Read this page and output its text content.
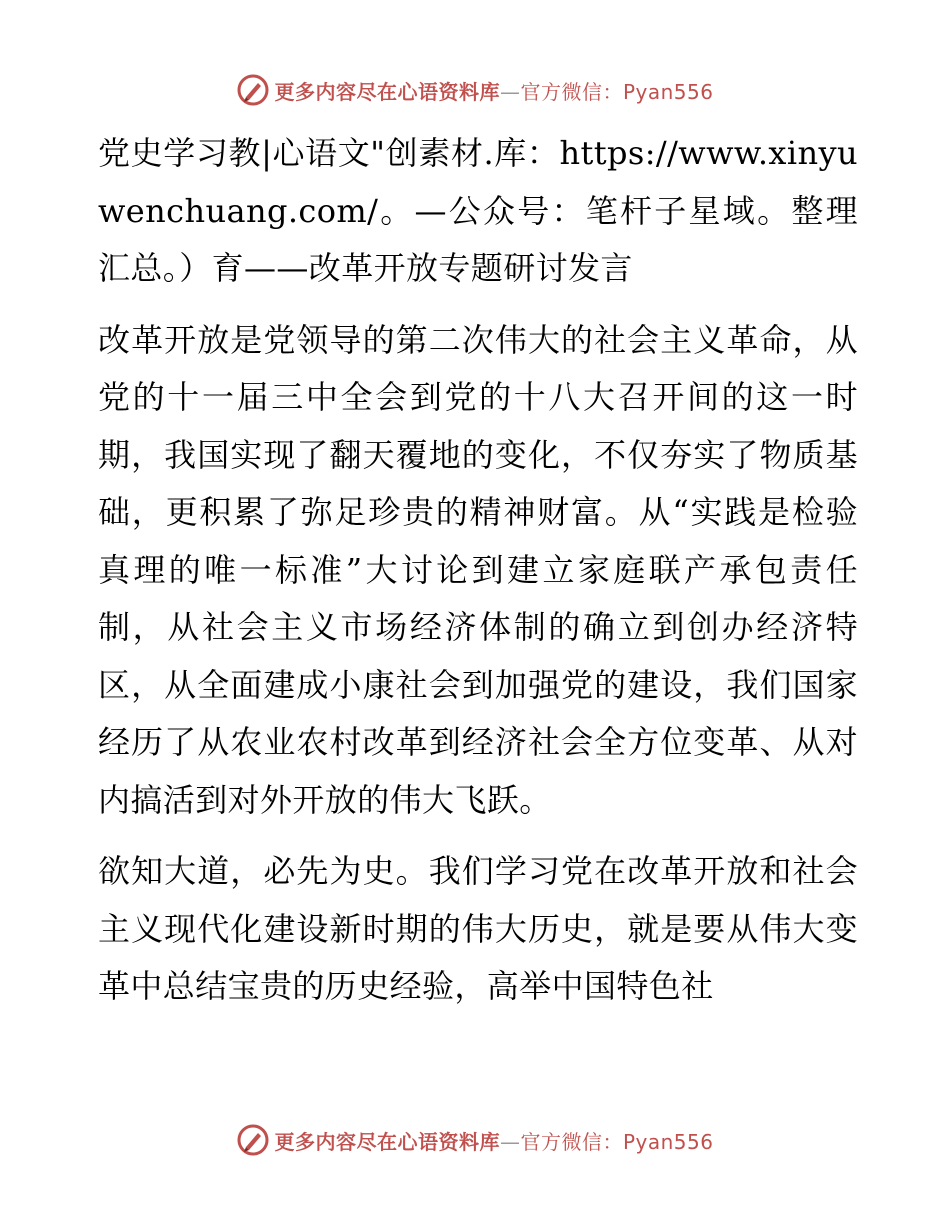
更多内容尽在心语资料库—官方微信：Pyan556

党史学习教|心语文"创素材.库：https://www.xinyuwenchuang.com/。—公众号：笔杆子星域。整理汇总。）育——改革开放专题研讨发言

改革开放是党领导的第二次伟大的社会主义革命，从党的十一届三中全会到党的十八大召开间的这一时期，我国实现了翻天覆地的变化，不仅夯实了物质基础，更积累了弥足珍贵的精神财富。从“实践是检验真理的唯一标准”大讨论到建立家庭联产承包责任制，从社会主义市场经济体制的确立到创办经济特区，从全面建成小康社会到加强党的建设，我们国家经历了从农业农村改革到经济社会全方位变革、从对内搞活到对外开放的伟大飞跃。

欲知大道，必先为史。我们学习党在改革开放和社会主义现代化建设新时期的伟大历史，就是要从伟大变革中总结宝贵的历史经验，高举中国特色社

更多内容尽在心语资料库—官方微信：Pyan556
